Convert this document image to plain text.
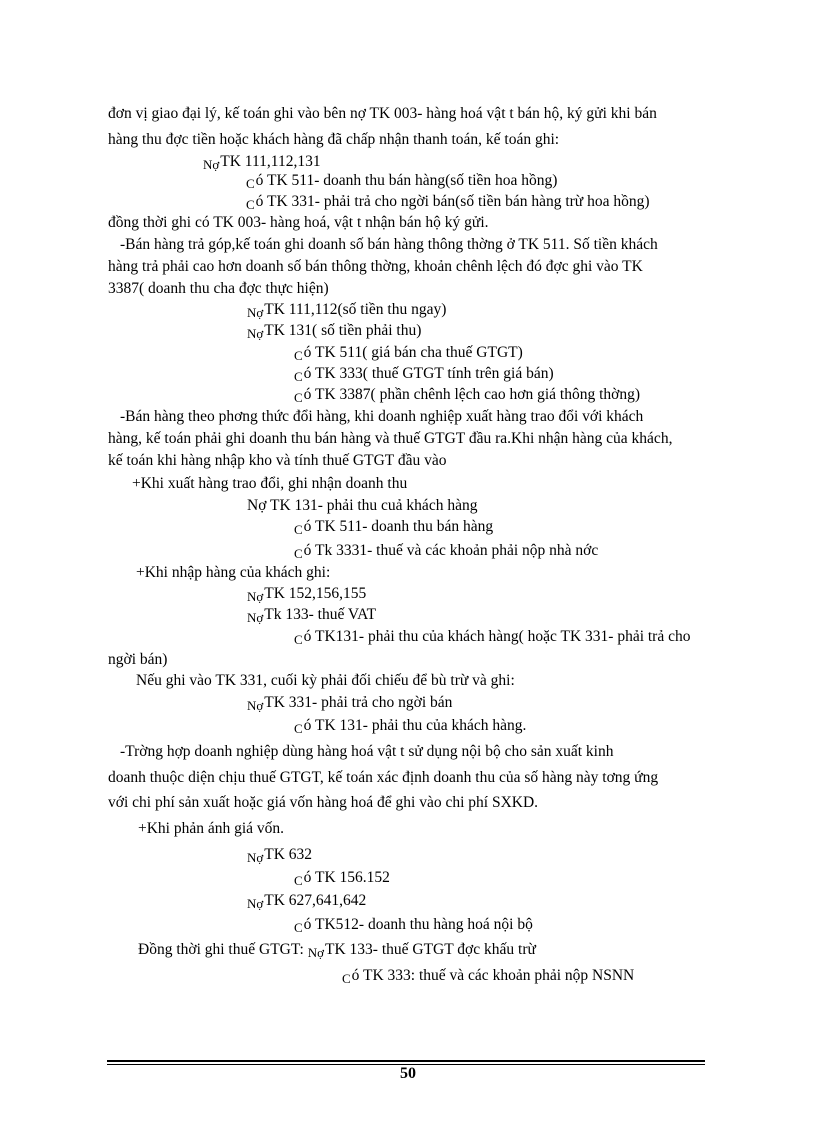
đơn vị giao đại lý, kế toán ghi vào bên nợ TK 003- hàng hoá vật t bán hộ, ký gửi khi bán
hàng thu đợc tiền hoặc khách hàng đã chấp nhận thanh toán, kế toán ghi:
NợTK 111,112,131
Có TK 511- doanh thu bán hàng(số tiền hoa hồng)
Có TK 331- phải trả cho ngời bán(số tiền bán hàng trừ hoa hồng)
đồng thời ghi có TK 003- hàng hoá, vật t nhận bán hộ ký gửi.
-Bán hàng trả góp,kế toán ghi doanh số bán hàng thông thờng ở TK 511. Số tiền khách
hàng trả phải cao hơn doanh số bán thông thờng, khoản chênh lệch đó đợc ghi vào TK
3387( doanh thu cha đợc thực hiện)
NợTK 111,112(số tiền thu ngay)
NợTK 131( số tiền phải thu)
Có TK 511( giá bán cha thuế GTGT)
Có TK 333( thuế GTGT tính trên giá bán)
Có TK 3387( phần chênh lệch cao hơn giá thông thờng)
-Bán hàng theo phơng thức đổi hàng, khi doanh nghiệp xuất hàng trao đổi với khách
hàng, kế toán phải ghi doanh thu bán hàng và thuế GTGT đầu ra.Khi nhận hàng của khách,
kế toán khi hàng nhập kho và tính thuế GTGT đầu vào
+Khi xuất hàng trao đổi, ghi nhận doanh thu
Nợ TK 131- phải thu cuả khách hàng
Có TK 511- doanh thu bán hàng
Có Tk 3331- thuế và các khoản phải nộp nhà nớc
+Khi nhập hàng của khách ghi:
NợTK 152,156,155
NợTk 133- thuế VAT
Có TK131- phải thu của khách hàng( hoặc TK 331- phải trả cho
ngời bán)
Nếu ghi vào TK 331, cuối kỳ phải đối chiếu để bù trừ và ghi:
NợTK 331- phải trả cho ngời bán
Có TK 131- phải thu của khách hàng.
-Trờng hợp doanh nghiệp dùng hàng hoá vật t sử dụng nội bộ cho sản xuất kinh
doanh thuộc diện chịu thuế GTGT, kế toán xác định doanh thu của số hàng này tơng ứng
với chi phí sản xuất hoặc giá vốn hàng hoá để ghi vào chi phí SXKD.
+Khi phản ánh giá vốn.
NợTK 632
Có TK 156.152
NợTK 627,641,642
Có TK512- doanh thu hàng hoá nội bộ
Đồng thời ghi thuế GTGT: NợTK 133- thuế GTGT đợc khấu trừ
Có TK 333: thuế và các khoản phải nộp NSNN
50
